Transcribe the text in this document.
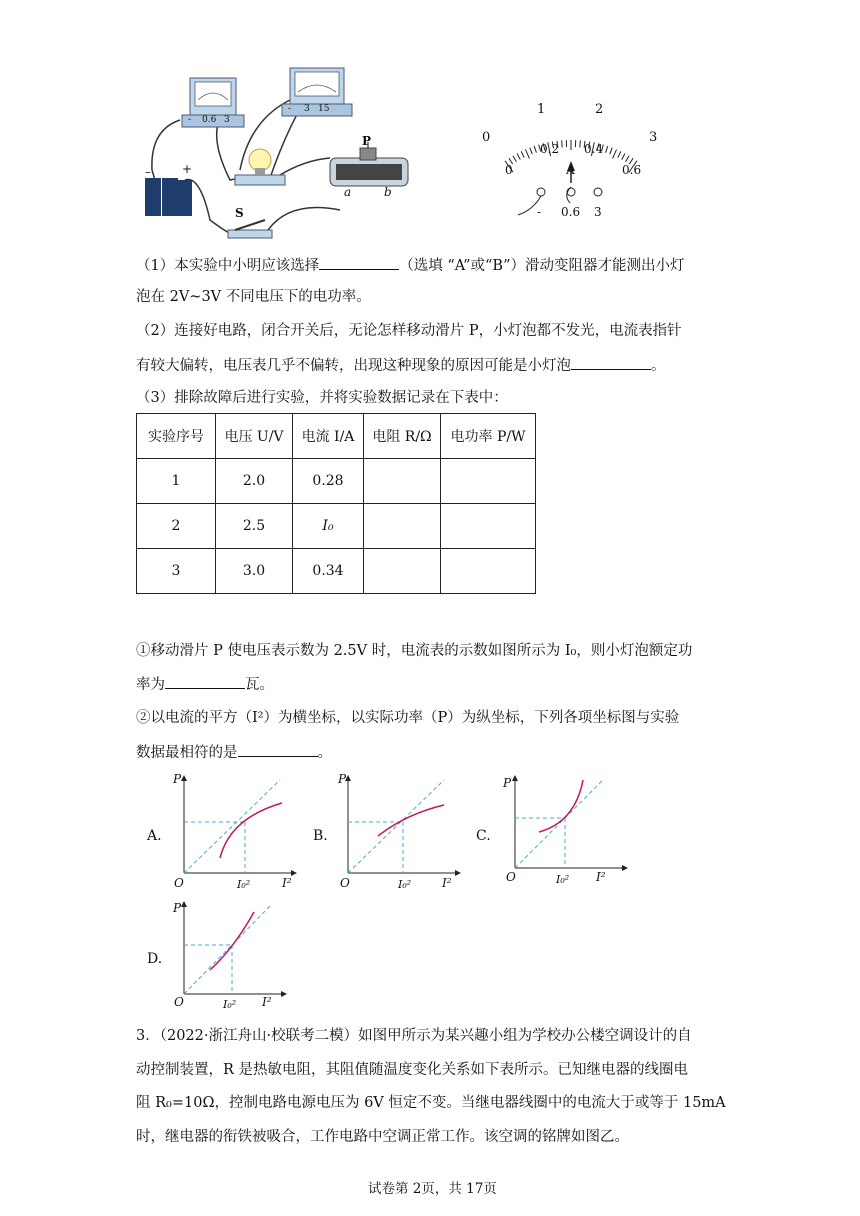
- 0.6 3
- 3 15
P
a	b
S
–	+
0
1	2
3
0
0.2 0.4
0.6
A
- 0.6 3
（1）本实验中小明应该选择	（选填 “A”或“B”）滑动变阻器才能测出小灯
泡在 2V~3V 不同电压下的电功率。
（2）连接好电路，闭合开关后，无论怎样移动滑片 P，小灯泡都不发光，电流表指针
有较大偏转，电压表几乎不偏转，出现这种现象的原因可能是小灯泡	。
（3）排除故障后进行实验，并将实验数据记录在下表中：
实验序号	电压 U/V	电流 I/A	电阻 R/Ω	电功率 P/W
1	2.0	0.28		
2	2.5	I₀		
3	3.0	0.34		
①移动滑片 P 使电压表示数为 2.5V 时，电流表的示数如图所示为 I₀，则小灯泡额定功
率为	瓦。
②以电流的平方（I²）为横坐标，以实际功率（P）为纵坐标，下列各项坐标图与实验
数据最相符的是	。
A.
P
O	I₀²	I²
B.
P
O	I₀²	I²
C.
P
O	I₀² I²
D.
P
O	I₀² I²
3．（2022·浙江舟山·校联考二模）如图甲所示为某兴趣小组为学校办公楼空调设计的自
动控制装置，R 是热敏电阻，其阻值随温度变化关系如下表所示。已知继电器的线圈电
阻 R₀=10Ω，控制电路电源电压为 6V 恒定不变。当继电器线圈中的电流大于或等于 15mA
时，继电器的衔铁被吸合，工作电路中空调正常工作。该空调的铭牌如图乙。
试卷第 2页，共 17页
